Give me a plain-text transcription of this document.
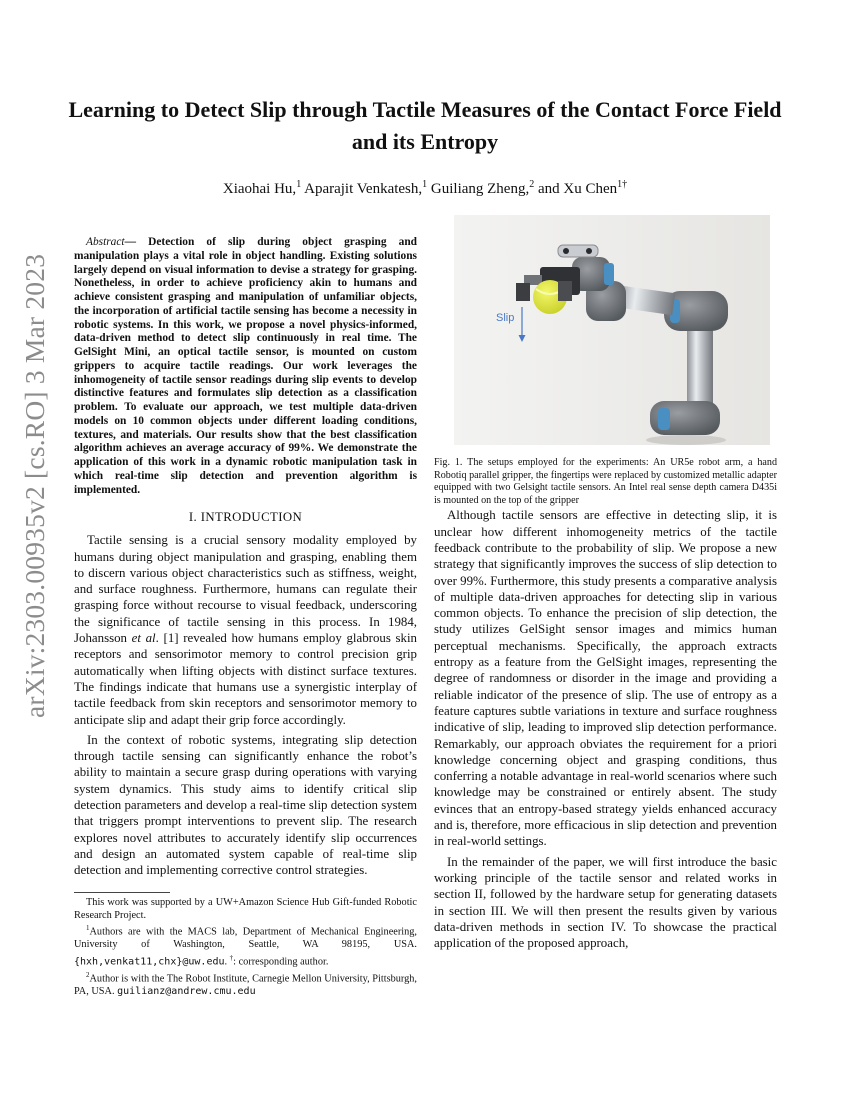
arXiv:2303.00935v2 [cs.RO] 3 Mar 2023
Learning to Detect Slip through Tactile Measures of the Contact Force Field and its Entropy
Xiaohai Hu,$^1$ Aparajit Venkatesh,$^1$ Guiliang Zheng,$^2$ and Xu Chen$^{1\dagger}$

Abstract— Detection of slip during object grasping and manipulation plays a vital role in object handling. Existing solutions largely depend on visual information to devise a strategy for grasping. Nonetheless, in order to achieve proficiency akin to humans and achieve consistent grasping and manipulation of unfamiliar objects, the incorporation of artificial tactile sensing has become a necessity in robotic systems. In this work, we propose a novel physics-informed, data-driven method to detect slip continuously in real time. The GelSight Mini, an optical tactile sensor, is mounted on custom grippers to acquire tactile readings. Our work leverages the inhomogeneity of tactile sensor readings during slip events to develop distinctive features and formulates slip detection as a classification problem. To evaluate our approach, we test multiple data-driven models on 10 common objects under different loading conditions, textures, and materials. Our results show that the best classification algorithm achieves an average accuracy of 99%. We demonstrate the application of this work in a dynamic robotic manipulation task in which real-time slip detection and prevention algorithm is implemented.

I. INTRODUCTION

Tactile sensing is a crucial sensory modality employed by humans during object manipulation and grasping, enabling them to discern various object characteristics such as stiffness, weight, and surface roughness. Furthermore, humans can regulate their grasping force without recourse to visual feedback, underscoring the significance of tactile sensing in this process. In 1984, Johansson et al. [1] revealed how humans employ glabrous skin receptors and sensorimotor memory to control precision grip automatically when lifting objects with distinct surface textures. The findings indicate that humans use a synergistic interplay of tactile feedback from skin receptors and sensorimotor memory to anticipate slip and adapt their grip force accordingly.

In the context of robotic systems, integrating slip detection through tactile sensing can significantly enhance the robot’s ability to maintain a secure grasp during operations with varying system dynamics. This study aims to identify critical slip detection parameters and develop a real-time slip detection system that triggers prompt interventions to prevent slip. The research explores novel attributes to accurately identify slip occurrences and design an automated system capable of real-time slip detection and implementing corrective control strategies.

This work was supported by a UW+Amazon Science Hub Gift-funded Robotic Research Project.

$^1$Authors are with the MACS lab, Department of Mechanical Engineering, University of Washington, Seattle, WA 98195, USA. {hxh,venkat11,chx}@uw.edu. †: corresponding author.

$^2$Author is with the The Robot Institute, Carnegie Mellon University, Pittsburgh, PA, USA. guilianz@andrew.cmu.edu

Slip

Fig. 1. The setups employed for the experiments: An UR5e robot arm, a hand Robotiq parallel gripper, the fingertips were replaced by customized metallic adapter equipped with two Gelsight tactile sensors. An Intel real sense depth camera D435i is mounted on the top of the gripper

Although tactile sensors are effective in detecting slip, it is unclear how different inhomogeneity metrics of the tactile feedback contribute to the probability of slip. We propose a new strategy that significantly improves the success of slip detection to over 99%. Furthermore, this study presents a comparative analysis of multiple data-driven approaches for detecting slip in various common objects. To enhance the precision of slip detection, the study utilizes GelSight sensor images and mimics human perceptual mechanisms. Specifically, the approach extracts entropy as a feature from the GelSight images, representing the degree of randomness or disorder in the image and providing a reliable indicator of the presence of slip. The use of entropy as a feature captures subtle variations in texture and surface roughness indicative of slip, leading to improved slip detection performance. Remarkably, our approach obviates the requirement for a priori knowledge concerning object and grasping conditions, thus conferring a notable advantage in real-world scenarios where such knowledge may be constrained or entirely absent. The study evinces that an entropy-based strategy yields enhanced accuracy and is, therefore, more efficacious in slip detection and prevention in real-world settings.

In the remainder of the paper, we will first introduce the basic working principle of the tactile sensor and related works in section II, followed by the hardware setup for generating datasets in section III. We will then present the results given by various data-driven methods in section IV. To showcase the practical application of the proposed approach,
